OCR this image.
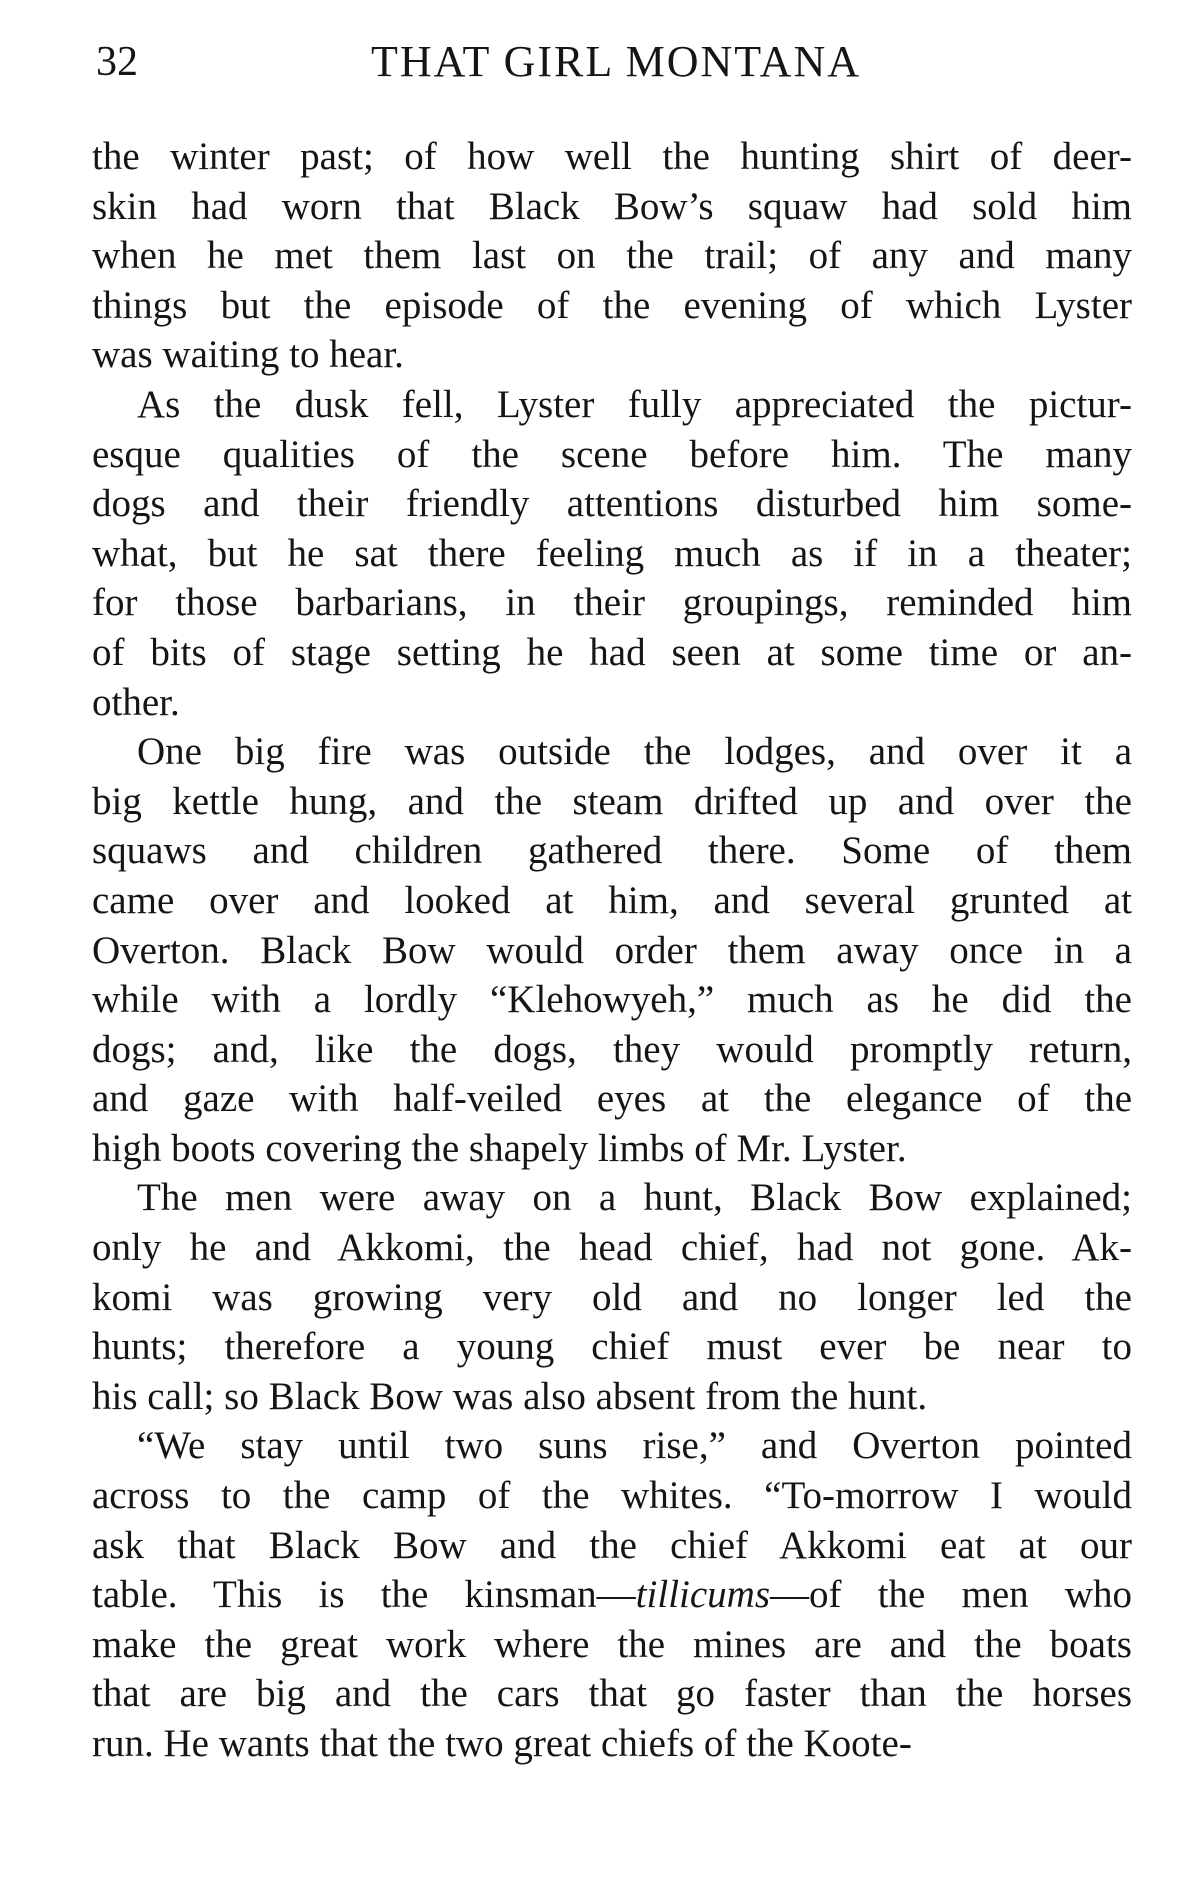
32	THAT GIRL MONTANA
the winter past; of how well the hunting shirt of deer-
skin had worn that Black Bow’s squaw had sold him
when he met them last on the trail; of any and many
things but the episode of the evening of which Lyster
was waiting to hear.
As the dusk fell, Lyster fully appreciated the pictur-
esque qualities of the scene before him. The many
dogs and their friendly attentions disturbed him some-
what, but he sat there feeling much as if in a theater;
for those barbarians, in their groupings, reminded him
of bits of stage setting he had seen at some time or an-
other.
One big fire was outside the lodges, and over it a
big kettle hung, and the steam drifted up and over the
squaws and children gathered there. Some of them
came over and looked at him, and several grunted at
Overton. Black Bow would order them away once in a
while with a lordly “Klehowyeh,” much as he did the
dogs; and, like the dogs, they would promptly return,
and gaze with half-veiled eyes at the elegance of the
high boots covering the shapely limbs of Mr. Lyster.
The men were away on a hunt, Black Bow explained;
only he and Akkomi, the head chief, had not gone. Ak-
komi was growing very old and no longer led the
hunts; therefore a young chief must ever be near to
his call; so Black Bow was also absent from the hunt.
“We stay until two suns rise,” and Overton pointed
across to the camp of the whites. “To-morrow I would
ask that Black Bow and the chief Akkomi eat at our
table. This is the kinsman—tillicums—of the men who
make the great work where the mines are and the boats
that are big and the cars that go faster than the horses
run. He wants that the two great chiefs of the Koote-
